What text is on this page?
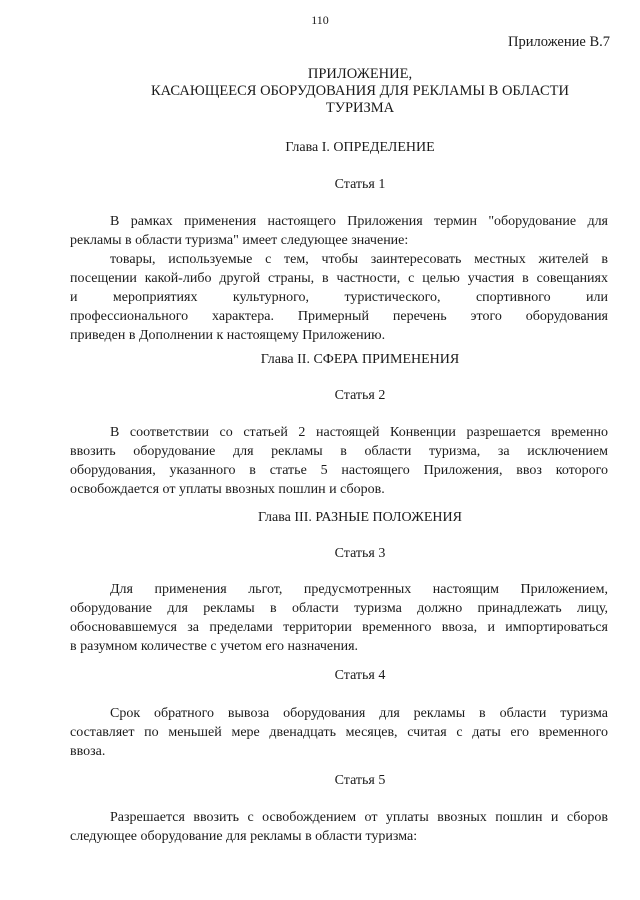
110
Приложение В.7
ПРИЛОЖЕНИЕ,
КАСАЮЩЕЕСЯ ОБОРУДОВАНИЯ ДЛЯ РЕКЛАМЫ В ОБЛАСТИ
ТУРИЗМА
Глава I. ОПРЕДЕЛЕНИЕ
Статья 1
В рамках применения настоящего Приложения термин "оборудование для
рекламы в области туризма" имеет следующее значение:
товары, используемые с тем, чтобы заинтересовать местных жителей в
посещении какой-либо другой страны, в частности, с целью участия в совещаниях
и мероприятиях культурного, туристического, спортивного или
профессионального характера. Примерный перечень этого оборудования
приведен в Дополнении к настоящему Приложению.
Глава II. СФЕРА ПРИМЕНЕНИЯ
Статья 2
В соответствии со статьей 2 настоящей Конвенции разрешается временно
ввозить оборудование для рекламы в области туризма, за исключением
оборудования, указанного в статье 5 настоящего Приложения, ввоз которого
освобождается от уплаты ввозных пошлин и сборов.
Глава III. РАЗНЫЕ ПОЛОЖЕНИЯ
Статья 3
Для применения льгот, предусмотренных настоящим Приложением,
оборудование для рекламы в области туризма должно принадлежать лицу,
обосновавшемуся за пределами территории временного ввоза, и импортироваться
в разумном количестве с учетом его назначения.
Статья 4
Срок обратного вывоза оборудования для рекламы в области туризма
составляет по меньшей мере двенадцать месяцев, считая с даты его временного
ввоза.
Статья 5
Разрешается ввозить с освобождением от уплаты ввозных пошлин и сборов
следующее оборудование для рекламы в области туризма:
